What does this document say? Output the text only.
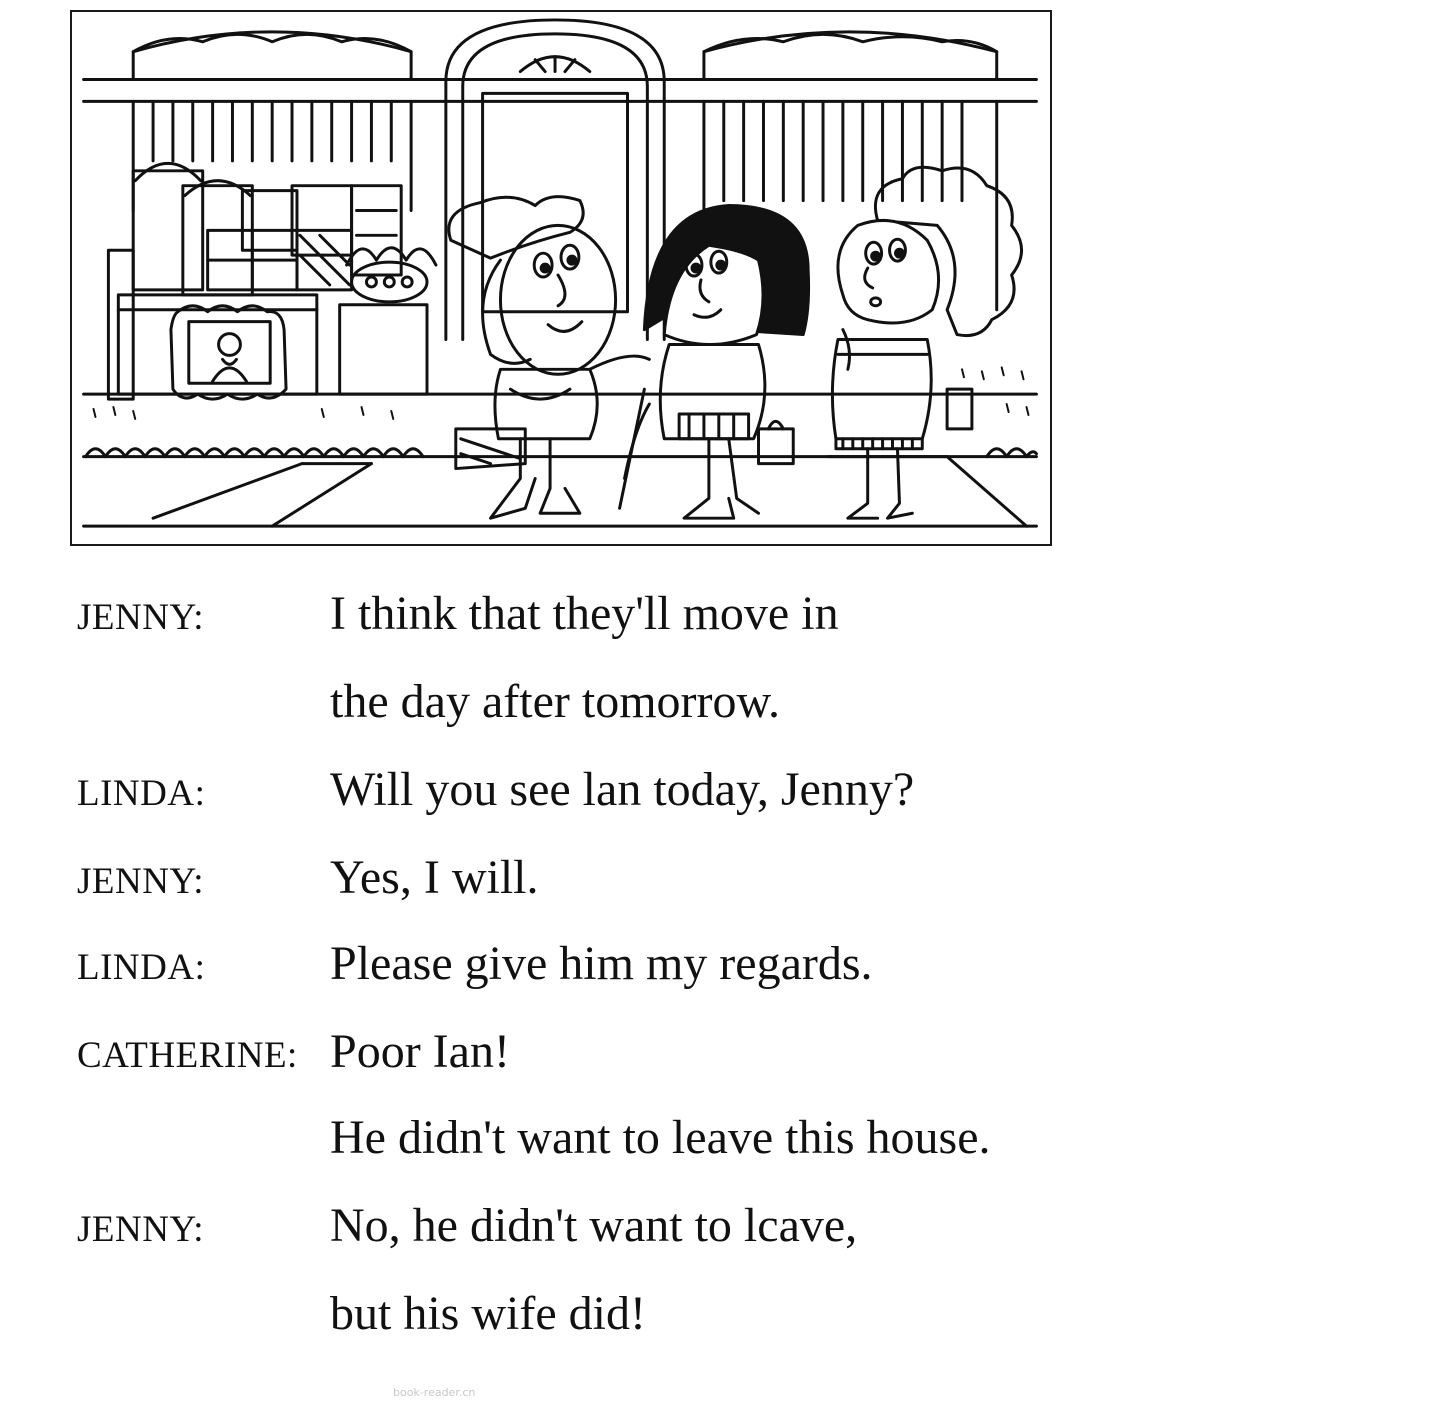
JENNY:	I think that they'll move in
the day after tomorrow.
LINDA:	Will you see lan today, Jenny?
JENNY:	Yes, I will.
LINDA:	Please give him my regards.
CATHERINE: Poor Ian!
He didn't want to leave this house.
JENNY:	No, he didn't want to lcave,
but his wife did!
book-reader.cn
